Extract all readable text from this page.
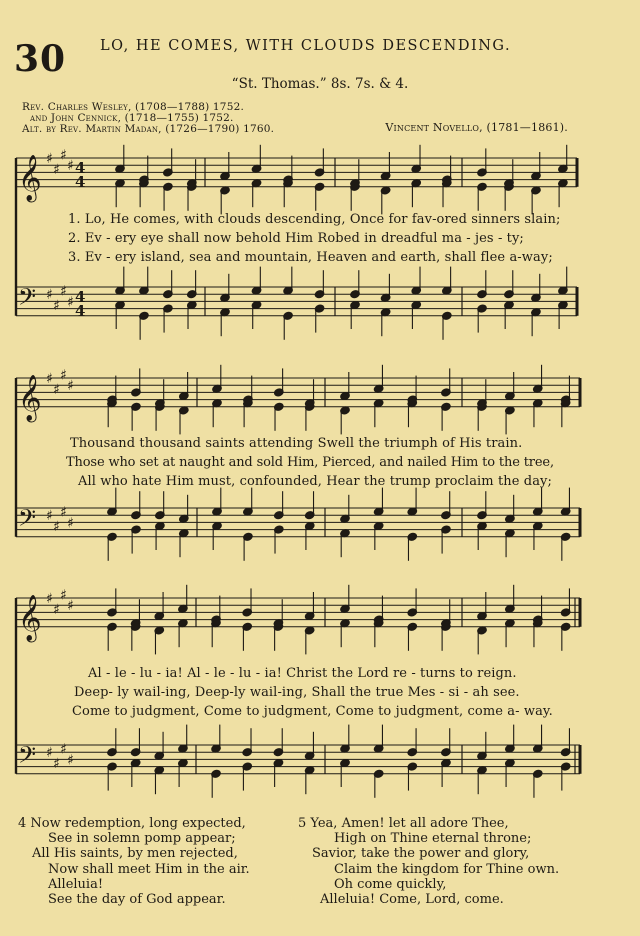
30 LO, HE COMES, WITH CLOUDS DESCENDING.
“St. Thomas.” 8s. 7s. & 4.
Rev. Charles Wesley, (1708—1788) 1752.
and John Cennick, (1718—1755) 1752.
Alt. by Rev. Martin Madan, (1726—1790) 1760.	Vincent Novello, (1781—1861).
𝄞
𝄢
♯
♯
♯
♯
♯
♯
♯
♯
4
4
4
4
𝄞
𝄢
♯
♯
♯
♯
♯
♯
♯
♯
𝄞
𝄢
♯
♯
♯
♯
♯
♯
♯
♯
1. Lo, He comes, with clouds descending, Once for fav-ored sinners slain;
2. Ev - ery eye shall now behold Him Robed in dreadful ma - jes - ty;
3. Ev - ery island, sea and mountain, Heaven and earth, shall flee a-way;
Thousand thousand saints attending Swell the triumph of His train.
Those who set at naught and sold Him, Pierced, and nailed Him to the tree,
All who hate Him must, confounded, Hear the trump proclaim the day;
Al - le - lu - ia! Al - le - lu - ia! Christ the Lord re - turns to reign.
Deep- ly wail-ing, Deep-ly wail-ing, Shall the true Mes - si - ah see.
Come to judgment, Come to judgment, Come to judgment, come a- way.
4 Now redemption, long expected,
See in solemn pomp appear;
All His saints, by men rejected,
Now shall meet Him in the air.
Alleluia!
See the day of God appear.
5 Yea, Amen! let all adore Thee,
High on Thine eternal throne;
Savior, take the power and glory,
Claim the kingdom for Thine own.
Oh come quickly,
Alleluia! Come, Lord, come.
